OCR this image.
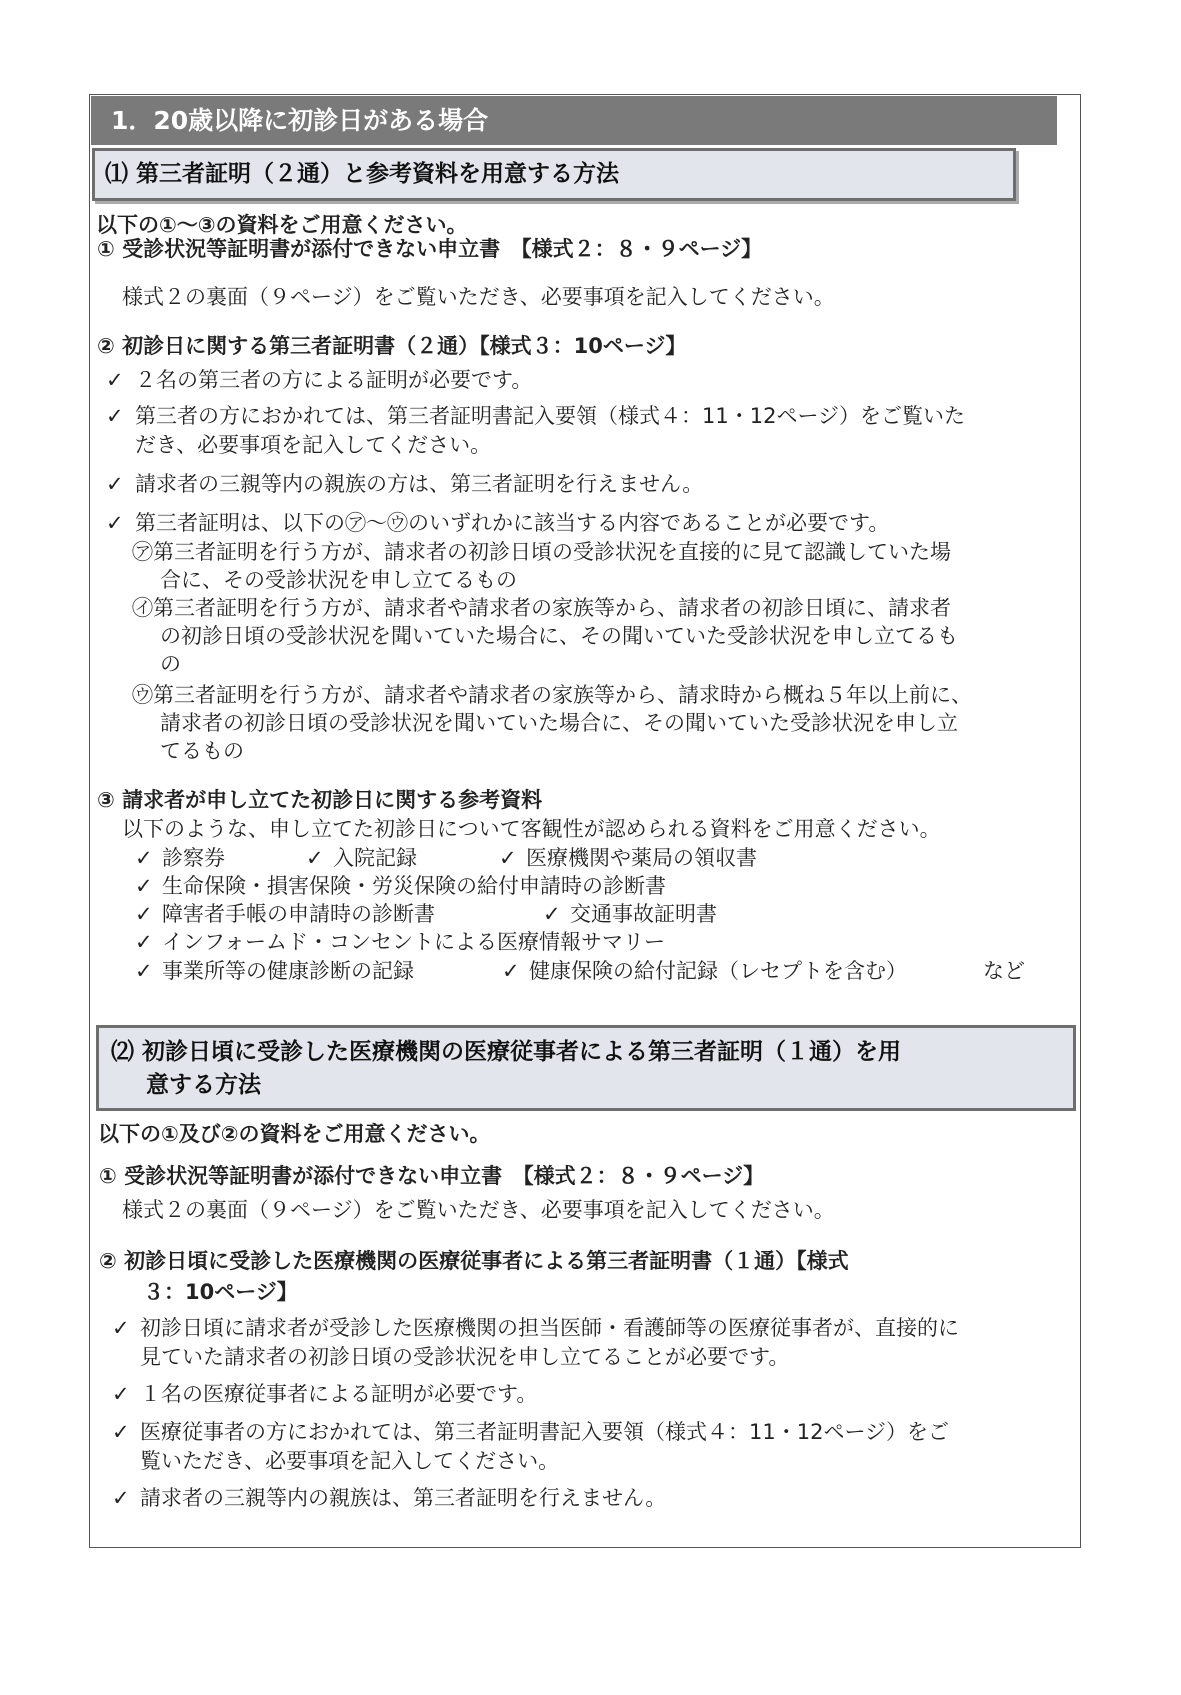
1．20歳以降に初診日がある場合
⑴ 第三者証明（２通）と参考資料を用意する方法
以下の①～③の資料をご用意ください。
① 受診状況等証明書が添付できない申立書　【様式２：８・９ページ】
様式２の裏面（９ページ）をご覧いただき、必要事項を記入してください。
② 初診日に関する第三者証明書（２通）【様式３：10ページ】
✓ ２名の第三者の方による証明が必要です。
✓ 第三者の方におかれては、第三者証明書記入要領（様式４：11・12ページ）をご覧いた
だき、必要事項を記入してください。
✓ 請求者の三親等内の親族の方は、第三者証明を行えません。
✓ 第三者証明は、以下の㋐～㋒のいずれかに該当する内容であることが必要です。
㋐第三者証明を行う方が、請求者の初診日頃の受診状況を直接的に見て認識していた場
合に、その受診状況を申し立てるもの
㋑第三者証明を行う方が、請求者や請求者の家族等から、請求者の初診日頃に、請求者
の初診日頃の受診状況を聞いていた場合に、その聞いていた受診状況を申し立てるも
の
㋒第三者証明を行う方が、請求者や請求者の家族等から、請求時から概ね５年以上前に、
請求者の初診日頃の受診状況を聞いていた場合に、その聞いていた受診状況を申し立
てるもの
③ 請求者が申し立てた初診日に関する参考資料
以下のような、申し立てた初診日について客観性が認められる資料をご用意ください。
✓ 診察券	✓ 入院記録	✓ 医療機関や薬局の領収書
✓ 生命保険・損害保険・労災保険の給付申請時の診断書
✓ 障害者手帳の申請時の診断書	✓ 交通事故証明書
✓ インフォームド・コンセントによる医療情報サマリー
✓ 事業所等の健康診断の記録	✓ 健康保険の給付記録（レセプトを含む）	など
⑵ 初診日頃に受診した医療機関の医療従事者による第三者証明（１通）を用
意する方法
以下の①及び②の資料をご用意ください。
① 受診状況等証明書が添付できない申立書　【様式２：８・９ページ】
様式２の裏面（９ページ）をご覧いただき、必要事項を記入してください。
② 初診日頃に受診した医療機関の医療従事者による第三者証明書（１通）【様式
３：10ページ】
✓ 初診日頃に請求者が受診した医療機関の担当医師・看護師等の医療従事者が、直接的に
見ていた請求者の初診日頃の受診状況を申し立てることが必要です。
✓ １名の医療従事者による証明が必要です。
✓ 医療従事者の方におかれては、第三者証明書記入要領（様式４：11・12ページ）をご
覧いただき、必要事項を記入してください。
✓ 請求者の三親等内の親族は、第三者証明を行えません。
